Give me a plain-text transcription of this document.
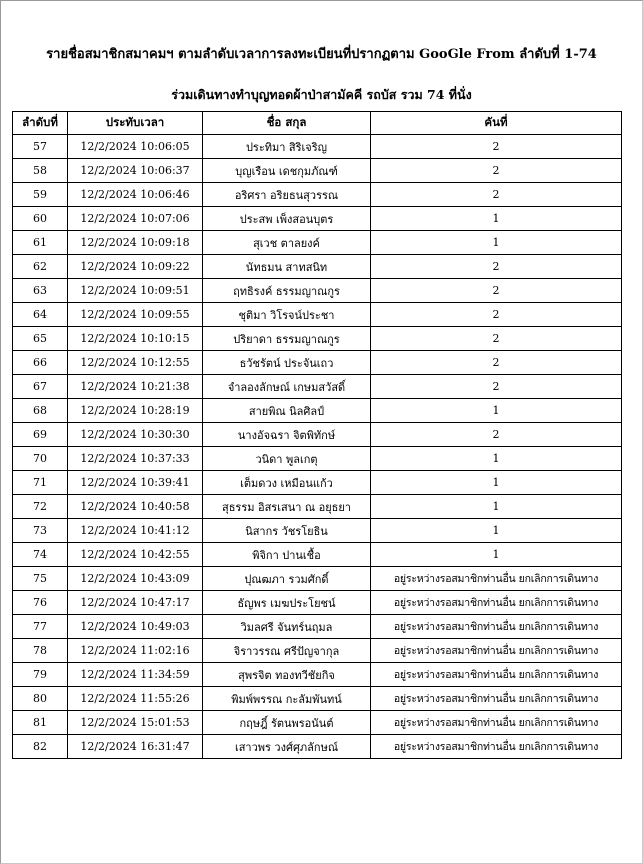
รายชื่อสมาชิกสมาคมฯ ตามลำดับเวลาการลงทะเบียนที่ปรากฏตาม GooGle From ลำดับที่ 1-74
ร่วมเดินทางทำบุญทอดผ้าป่าสามัคคี รถบัส รวม 74 ที่นั่ง
ลำดับที่	ประทับเวลา	ชื่อ สกุล	คันที่
57	12/2/2024 10:06:05	ประทิมา สิริเจริญ	2
58	12/2/2024 10:06:37	บุญเรือน เดชกุมภัณฑ์	2
59	12/2/2024 10:06:46	อริศรา อริยธนสุวรรณ	2
60	12/2/2024 10:07:06	ประสพ เพ็งสอนบุตร	1
61	12/2/2024 10:09:18	สุเวช ตาลยงค์	1
62	12/2/2024 10:09:22	นัทธมน สาทสนิท	2
63	12/2/2024 10:09:51	ฤทธิรงค์ ธรรมญาณกูร	2
64	12/2/2024 10:09:55	ชุติมา วิโรจน์ประชา	2
65	12/2/2024 10:10:15	ปริยาดา ธรรมญาณกูร	2
66	12/2/2024 10:12:55	ธวัชรัตน์ ประจันเถว	2
67	12/2/2024 10:21:38	จำลองลักษณ์ เกษมสวัสดิ์	2
68	12/2/2024 10:28:19	สายพิณ นิลศิลป์	1
69	12/2/2024 10:30:30	นางอัจฉรา จิตพิทักษ์	2
70	12/2/2024 10:37:33	วนิดา พูลเกตุ	1
71	12/2/2024 10:39:41	เต็มดวง เหมือนแก้ว	1
72	12/2/2024 10:40:58	สุธรรม อิสรเสนา ณ อยุธยา	1
73	12/2/2024 10:41:12	นิสากร วัชรโยธิน	1
74	12/2/2024 10:42:55	พิจิกา ปานเชื้อ	1
75	12/2/2024 10:43:09	ปุณฒภา รวมศักดิ์	อยู่ระหว่างรอสมาชิกท่านอื่น ยกเลิกการเดินทาง
76	12/2/2024 10:47:17	ธัญพร เมฆประโยชน์	อยู่ระหว่างรอสมาชิกท่านอื่น ยกเลิกการเดินทาง
77	12/2/2024 10:49:03	วิมลศรี จันทร์นฤมล	อยู่ระหว่างรอสมาชิกท่านอื่น ยกเลิกการเดินทาง
78	12/2/2024 11:02:16	จิราวรรณ ศรีปัญจากุล	อยู่ระหว่างรอสมาชิกท่านอื่น ยกเลิกการเดินทาง
79	12/2/2024 11:34:59	สุพรจิต ทองทวีชัยกิจ	อยู่ระหว่างรอสมาชิกท่านอื่น ยกเลิกการเดินทาง
80	12/2/2024 11:55:26	พิมพ์พรรณ กะลัมพันทน์	อยู่ระหว่างรอสมาชิกท่านอื่น ยกเลิกการเดินทาง
81	12/2/2024 15:01:53	กฤษฎิ์ รัตนพรอนันต์	อยู่ระหว่างรอสมาชิกท่านอื่น ยกเลิกการเดินทาง
82	12/2/2024 16:31:47	เสาวพร วงศ์ศุภลักษณ์	อยู่ระหว่างรอสมาชิกท่านอื่น ยกเลิกการเดินทาง
